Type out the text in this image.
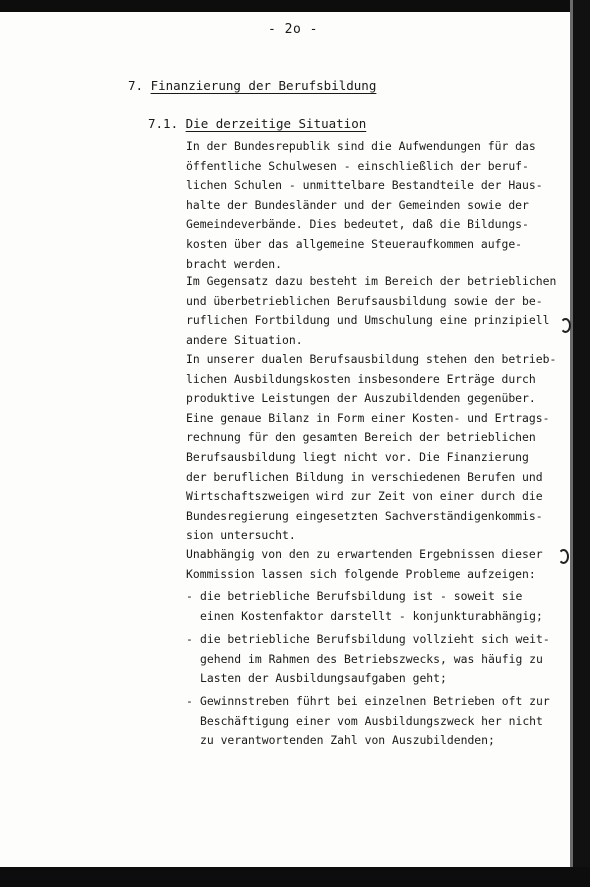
- 2o -
7. Finanzierung der Berufsbildung
7.1. Die derzeitige Situation
In der Bundesrepublik sind die Aufwendungen für das
öffentliche Schulwesen - einschließlich der beruf-
lichen Schulen - unmittelbare Bestandteile der Haus-
halte der Bundesländer und der Gemeinden sowie der
Gemeindeverbände. Dies bedeutet, daß die Bildungs-
kosten über das allgemeine Steueraufkommen aufge-
bracht werden.
Im Gegensatz dazu besteht im Bereich der betrieblichen
und überbetrieblichen Berufsausbildung sowie der be-
ruflichen Fortbildung und Umschulung eine prinzipiell
andere Situation.
In unserer dualen Berufsausbildung stehen den betrieb-
lichen Ausbildungskosten insbesondere Erträge durch
produktive Leistungen der Auszubildenden gegenüber.
Eine genaue Bilanz in Form einer Kosten- und Ertrags-
rechnung für den gesamten Bereich der betrieblichen
Berufsausbildung liegt nicht vor. Die Finanzierung
der beruflichen Bildung in verschiedenen Berufen und
Wirtschaftszweigen wird zur Zeit von einer durch die
Bundesregierung eingesetzten Sachverständigenkommis-
sion untersucht.
Unabhängig von den zu erwartenden Ergebnissen dieser
Kommission lassen sich folgende Probleme aufzeigen:
- die betriebliche Berufsbildung ist - soweit sie
einen Kostenfaktor darstellt - konjunkturabhängig;
- die betriebliche Berufsbildung vollzieht sich weit-
gehend im Rahmen des Betriebszwecks, was häufig zu
Lasten der Ausbildungsaufgaben geht;
- Gewinnstreben führt bei einzelnen Betrieben oft zur
Beschäftigung einer vom Ausbildungszweck her nicht
zu verantwortenden Zahl von Auszubildenden;
